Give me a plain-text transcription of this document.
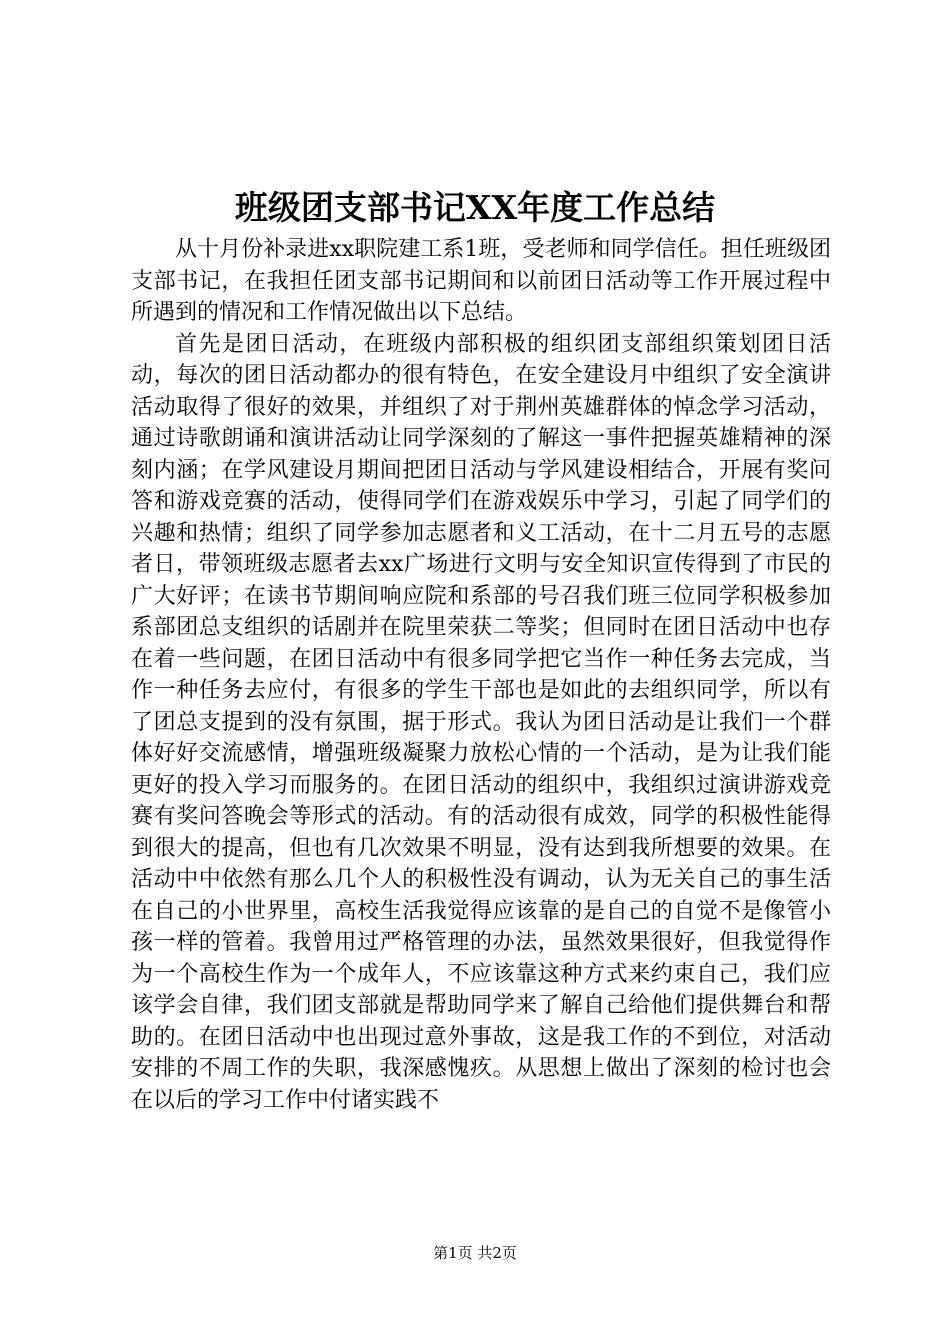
班级团支部书记XX年度工作总结

从十月份补录进xx职院建工系1班，受老师和同学信任。担任班级团支部书记，在我担任团支部书记期间和以前团日活动等工作开展过程中所遇到的情况和工作情况做出以下总结。

首先是团日活动，在班级内部积极的组织团支部组织策划团日活动，每次的团日活动都办的很有特色，在安全建设月中组织了安全演讲活动取得了很好的效果，并组织了对于荆州英雄群体的悼念学习活动，通过诗歌朗诵和演讲活动让同学深刻的了解这一事件把握英雄精神的深刻内涵；在学风建设月期间把团日活动与学风建设相结合，开展有奖问答和游戏竞赛的活动，使得同学们在游戏娱乐中学习，引起了同学们的兴趣和热情；组织了同学参加志愿者和义工活动，在十二月五号的志愿者日，带领班级志愿者去xx广场进行文明与安全知识宣传得到了市民的广大好评；在读书节期间响应院和系部的号召我们班三位同学积极参加系部团总支组织的话剧并在院里荣获二等奖；但同时在团日活动中也存在着一些问题，在团日活动中有很多同学把它当作一种任务去完成，当作一种任务去应付，有很多的学生干部也是如此的去组织同学，所以有了团总支提到的没有氛围，据于形式。我认为团日活动是让我们一个群体好好交流感情，增强班级凝聚力放松心情的一个活动，是为让我们能更好的投入学习而服务的。在团日活动的组织中，我组织过演讲游戏竞赛有奖问答晚会等形式的活动。有的活动很有成效，同学的积极性能得到很大的提高，但也有几次效果不明显，没有达到我所想要的效果。在活动中中依然有那么几个人的积极性没有调动，认为无关自己的事生活在自己的小世界里，高校生活我觉得应该靠的是自己的自觉不是像管小孩一样的管着。我曾用过严格管理的办法，虽然效果很好，但我觉得作为一个高校生作为一个成年人，不应该靠这种方式来约束自己，我们应该学会自律，我们团支部就是帮助同学来了解自己给他们提供舞台和帮助的。在团日活动中也出现过意外事故，这是我工作的不到位，对活动安排的不周工作的失职，我深感愧疚。从思想上做出了深刻的检讨也会在以后的学习工作中付诸实践不

第1页 共2页
